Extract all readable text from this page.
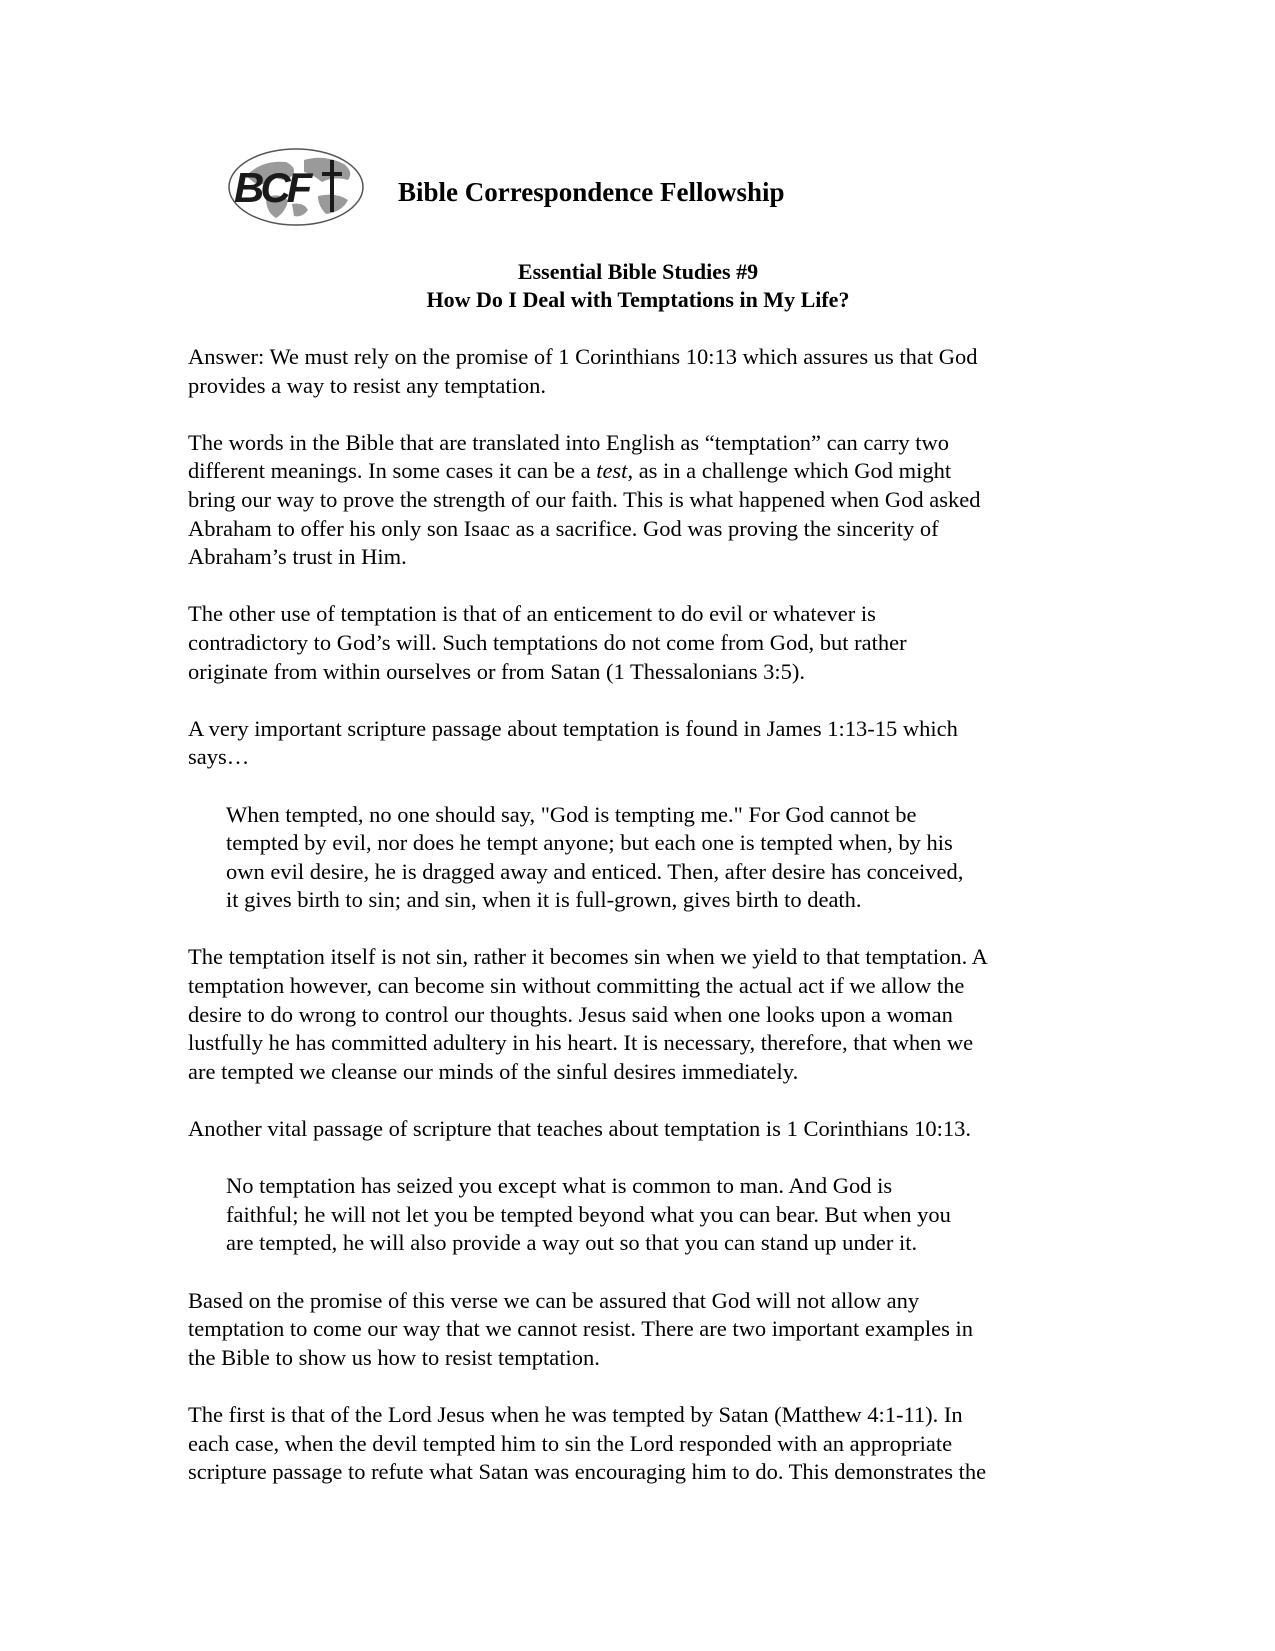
BCF	Bible Correspondence Fellowship
Essential Bible Studies #9
How Do I Deal with Temptations in My Life?
Answer: We must rely on the promise of 1 Corinthians 10:13 which assures us that God
provides a way to resist any temptation.
The words in the Bible that are translated into English as “temptation” can carry two
different meanings. In some cases it can be a test, as in a challenge which God might
bring our way to prove the strength of our faith. This is what happened when God asked
Abraham to offer his only son Isaac as a sacrifice. God was proving the sincerity of
Abraham’s trust in Him.
The other use of temptation is that of an enticement to do evil or whatever is
contradictory to God’s will. Such temptations do not come from God, but rather
originate from within ourselves or from Satan (1 Thessalonians 3:5).
A very important scripture passage about temptation is found in James 1:13-15 which
says…
When tempted, no one should say, "God is tempting me." For God cannot be
tempted by evil, nor does he tempt anyone; but each one is tempted when, by his
own evil desire, he is dragged away and enticed. Then, after desire has conceived,
it gives birth to sin; and sin, when it is full-grown, gives birth to death.
The temptation itself is not sin, rather it becomes sin when we yield to that temptation. A
temptation however, can become sin without committing the actual act if we allow the
desire to do wrong to control our thoughts. Jesus said when one looks upon a woman
lustfully he has committed adultery in his heart. It is necessary, therefore, that when we
are tempted we cleanse our minds of the sinful desires immediately.
Another vital passage of scripture that teaches about temptation is 1 Corinthians 10:13.
No temptation has seized you except what is common to man. And God is
faithful; he will not let you be tempted beyond what you can bear. But when you
are tempted, he will also provide a way out so that you can stand up under it.
Based on the promise of this verse we can be assured that God will not allow any
temptation to come our way that we cannot resist. There are two important examples in
the Bible to show us how to resist temptation.
The first is that of the Lord Jesus when he was tempted by Satan (Matthew 4:1-11). In
each case, when the devil tempted him to sin the Lord responded with an appropriate
scripture passage to refute what Satan was encouraging him to do. This demonstrates the
